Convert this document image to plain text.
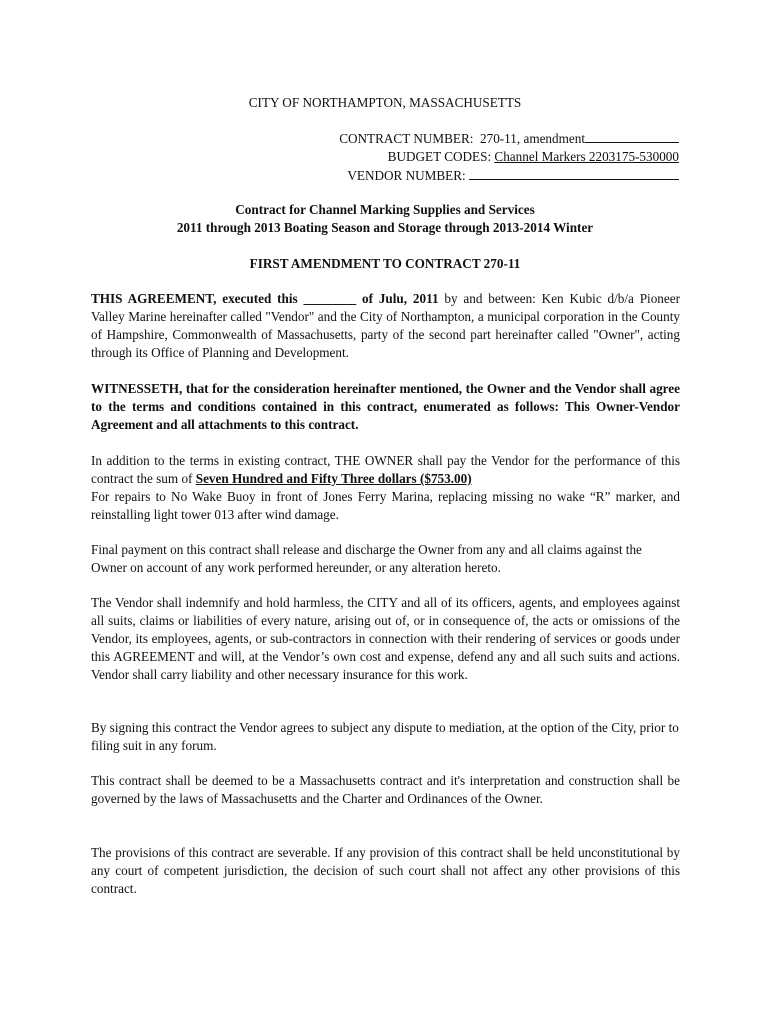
CITY OF NORTHAMPTON, MASSACHUSETTS
CONTRACT NUMBER: 270-11, amendment
BUDGET CODES: Channel Markers 2203175-530000
VENDOR NUMBER:
Contract for Channel Marking Supplies and Services
2011 through 2013 Boating Season and Storage through 2013-2014 Winter
FIRST AMENDMENT TO CONTRACT 270-11
THIS AGREEMENT, executed this ________ of Julu, 2011 by and between: Ken Kubic d/b/a Pioneer Valley Marine hereinafter called "Vendor" and the City of Northampton, a municipal corporation in the County of Hampshire, Commonwealth of Massachusetts, party of the second part hereinafter called "Owner", acting through its Office of Planning and Development.
WITNESSETH, that for the consideration hereinafter mentioned, the Owner and the Vendor shall agree to the terms and conditions contained in this contract, enumerated as follows: This Owner-Vendor Agreement and all attachments to this contract.
In addition to the terms in existing contract, THE OWNER shall pay the Vendor for the performance of this contract the sum of Seven Hundred and Fifty Three dollars ($753.00)
For repairs to No Wake Buoy in front of Jones Ferry Marina, replacing missing no wake “R” marker, and reinstalling light tower 013 after wind damage.
Final payment on this contract shall release and discharge the Owner from any and all claims against the Owner on account of any work performed hereunder, or any alteration hereto.
The Vendor shall indemnify and hold harmless, the CITY and all of its officers, agents, and employees against all suits, claims or liabilities of every nature, arising out of, or in consequence of, the acts or omissions of the Vendor, its employees, agents, or sub-contractors in connection with their rendering of services or goods under this AGREEMENT and will, at the Vendor’s own cost and expense, defend any and all such suits and actions. Vendor shall carry liability and other necessary insurance for this work.
By signing this contract the Vendor agrees to subject any dispute to mediation, at the option of the City, prior to filing suit in any forum.
This contract shall be deemed to be a Massachusetts contract and it's interpretation and construction shall be governed by the laws of Massachusetts and the Charter and Ordinances of the Owner.
The provisions of this contract are severable. If any provision of this contract shall be held unconstitutional by any court of competent jurisdiction, the decision of such court shall not affect any other provisions of this contract.
